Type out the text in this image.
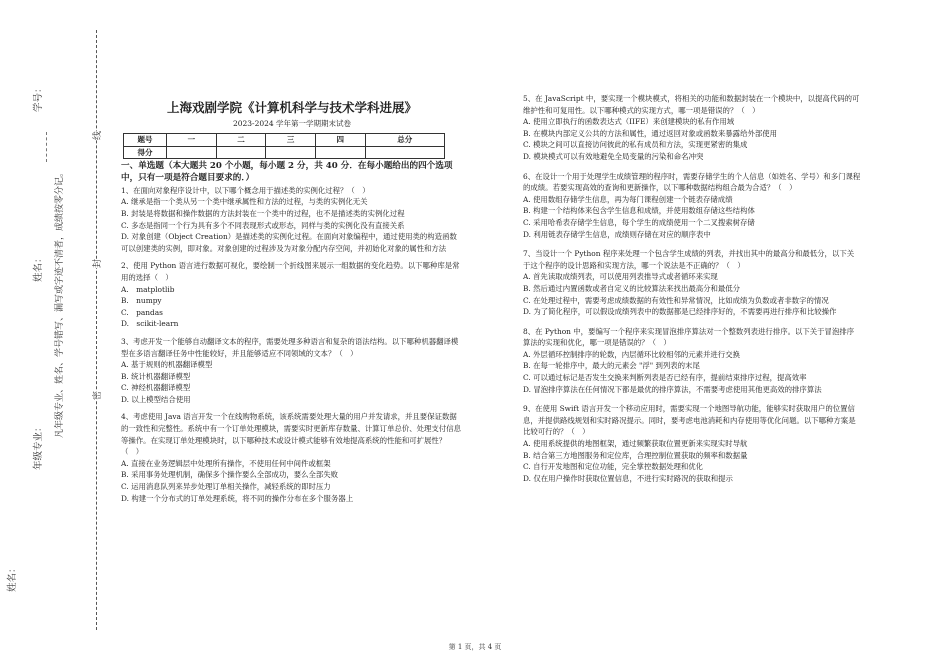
姓名：
年级专业：
姓名：
学号：
凡年级专业、姓名、学号错写、漏写或字迹不清者，成绩按零分记。	密
封
线
上海戏剧学院《计算机科学与技术学科进展》
2023-2024 学年第一学期期末试卷
题号	一	二	三	四	总分
得分					
一、单选题（本大题共 20 个小题，每小题 2 分，共 40 分．在每小题给出的四个选项中，只有一项是符合题目要求的．）

1、在面向对象程序设计中，以下哪个概念用于描述类的实例化过程？（　）

A. 继承是指一个类从另一个类中继承属性和方法的过程，与类的实例化无关

B. 封装是将数据和操作数据的方法封装在一个类中的过程，也不是描述类的实例化过程

C. 多态是指同一个行为具有多个不同表现形式或形态，同样与类的实例化没有直接关系

D. 对象创建（Object Creation）是描述类的实例化过程。在面向对象编程中，通过使用类的构造函数可以创建类的实例，即对象。对象创建的过程涉及为对象分配内存空间，并初始化对象的属性和方法

2、使用 Python 语言进行数据可视化，要绘制一个折线图来展示一组数据的变化趋势。以下哪种库是常用的选择（　）

A.　matplotlib

B.　numpy

C.　pandas

D.　scikit-learn

3、考虑开发一个能够自动翻译文本的程序，需要处理多种语言和复杂的语法结构。以下哪种机器翻译模型在多语言翻译任务中性能较好，并且能够适应不同领域的文本？（　）

A. 基于规则的机器翻译模型

B. 统计机器翻译模型

C. 神经机器翻译模型

D. 以上模型结合使用

4、考虑使用 Java 语言开发一个在线购物系统，该系统需要处理大量的用户并发请求，并且要保证数据的一致性和完整性。系统中有一个订单处理模块，需要实时更新库存数量、计算订单总价、处理支付信息等操作。在实现订单处理模块时，以下哪种技术或设计模式能够有效地提高系统的性能和可扩展性？（　）

A. 直接在业务逻辑层中处理所有操作，不使用任何中间件或框架

B. 采用事务处理机制，确保多个操作要么全部成功，要么全部失败

C. 运用消息队列来异步处理订单相关操作，减轻系统的即时压力

D. 构建一个分布式的订单处理系统，将不同的操作分布在多个服务器上

5、在 JavaScript 中，要实现一个模块模式，将相关的功能和数据封装在一个模块中，以提高代码的可维护性和可复用性。以下哪种模式的实现方式，哪一项是错误的？（　）

A. 使用立即执行的函数表达式（IIFE）来创建模块的私有作用域

B. 在模块内部定义公共的方法和属性，通过返回对象或函数来暴露给外部使用

C. 模块之间可以直接访问彼此的私有成员和方法，实现更紧密的集成

D. 模块模式可以有效地避免全局变量的污染和命名冲突

6、在设计一个用于处理学生成绩管理的程序时，需要存储学生的个人信息（如姓名、学号）和多门课程的成绩。若要实现高效的查询和更新操作，以下哪种数据结构组合最为合适？（　）

A. 使用数组存储学生信息，再为每门课程创建一个链表存储成绩

B. 构建一个结构体来包含学生信息和成绩，并使用数组存储这些结构体

C. 采用哈希表存储学生信息，每个学生的成绩使用一个二叉搜索树存储

D. 利用链表存储学生信息，成绩则存储在对应的顺序表中

7、当设计一个 Python 程序来处理一个包含学生成绩的列表，并找出其中的最高分和最低分，以下关于这个程序的设计思路和实现方法，哪一个说法是不正确的？（　）

A. 首先读取成绩列表，可以使用列表推导式或者循环来实现

B. 然后通过内置函数或者自定义的比较算法来找出最高分和最低分

C. 在处理过程中，需要考虑成绩数据的有效性和异常情况，比如成绩为负数或者非数字的情况

D. 为了简化程序，可以假设成绩列表中的数据都是已经排序好的，不需要再进行排序和比较操作

8、在 Python 中，要编写一个程序来实现冒泡排序算法对一个整数列表进行排序。以下关于冒泡排序算法的实现和优化，哪一项是错误的？（　）

A. 外层循环控制排序的轮数，内层循环比较相邻的元素并进行交换

B. 在每一轮排序中，最大的元素会 "浮" 到列表的末尾

C. 可以通过标记是否发生交换来判断列表是否已经有序，提前结束排序过程，提高效率

D. 冒泡排序算法在任何情况下都是最优的排序算法，不需要考虑使用其他更高效的排序算法

9、在使用 Swift 语言开发一个移动应用时，需要实现一个地图导航功能，能够实时获取用户的位置信息，并提供路线规划和实时路况提示。同时，要考虑电池消耗和内存使用等优化问题。以下哪种方案是比较可行的？（　）

A. 使用系统提供的地图框架，通过频繁获取位置更新来实现实时导航

B. 结合第三方地图服务和定位库，合理控制位置获取的频率和数据量

C. 自行开发地图和定位功能，完全掌控数据处理和优化

D. 仅在用户操作时获取位置信息，不进行实时路况的获取和提示

第 1 页，共 4 页
